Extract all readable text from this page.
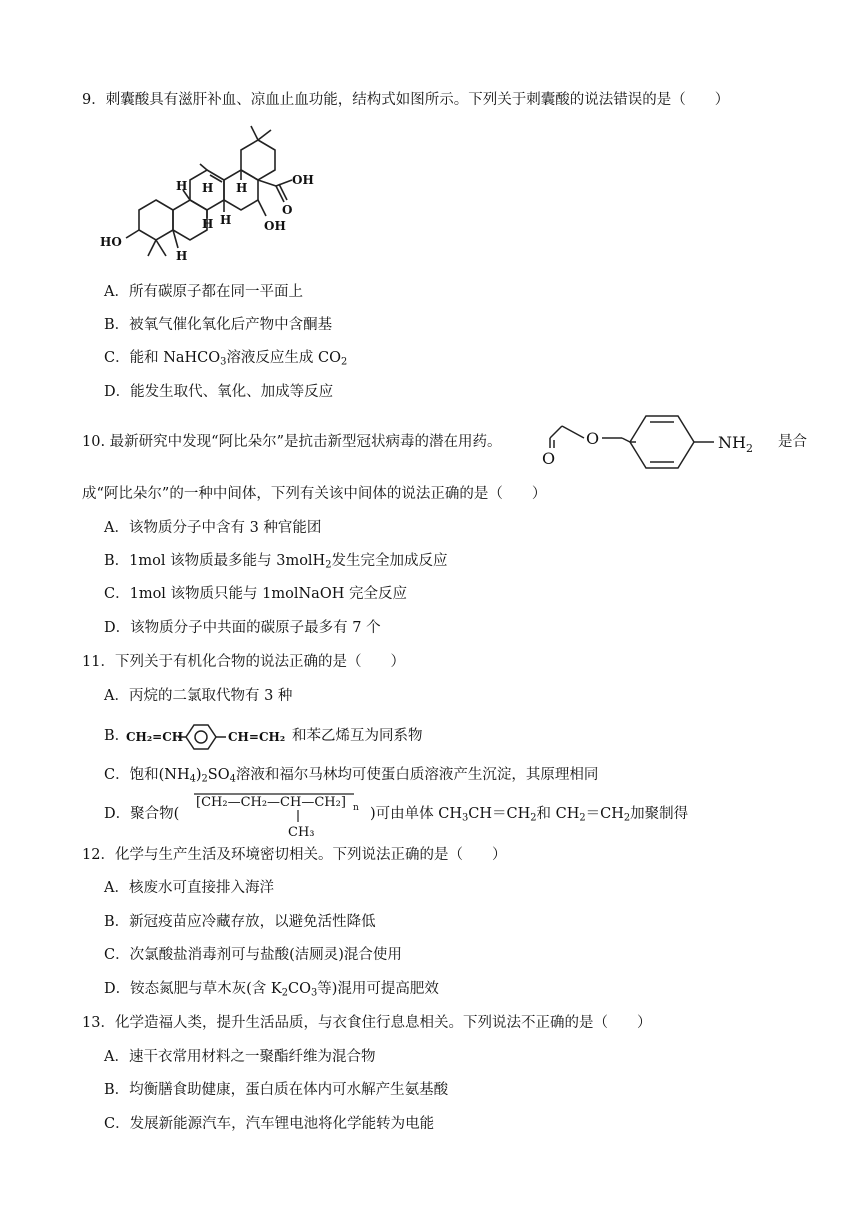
9．刺囊酸具有滋肝补血、凉血止血功能，结构式如图所示。下列关于刺囊酸的说法错误的是（　　）
OH
O
OH
HO
H H
H H
H
H
A．所有碳原子都在同一平面上
B．被氧气催化氧化后产物中含酮基
C．能和 NaHCO$_3$溶液反应生成 $CO_2$
D．能发生取代、氧化、加成等反应
10. 最新研究中发现“阿比朵尔”是抗击新型冠状病毒的潜在用药。
O
O	$NH_2$ 是合
成“阿比朵尔”的一种中间体，下列有关该中间体的说法正确的是（　　）
A．该物质分子中含有 3 种官能团
B．1mol 该物质最多能与 3molH$_2$发生完全加成反应
C．1mol 该物质只能与 1molNaOH 完全反应
D．该物质分子中共面的碳原子最多有 7 个
11．下列关于有机化合物的说法正确的是（　　）
A．丙烷的二氯取代物有 3 种
B．
CH₂=CH	CH=CH₂ 和苯乙烯互为同系物
C．饱和$(NH_4)_2SO_4$溶液和福尔马林均可使蛋白质溶液产生沉淀，其原理相同
D．聚合物(
[CH₂—CH₂—CH—CH₂] n
CH₃
)可由单体 $CH_3CH=CH_2$和 $CH_2=CH_2$加聚制得
12．化学与生产生活及环境密切相关。下列说法正确的是（　　）
A．核废水可直接排入海洋
B．新冠疫苗应冷藏存放，以避免活性降低
C．次氯酸盐消毒剂可与盐酸(洁厕灵)混合使用
D．铵态氮肥与草木灰(含 $K_2CO_3$等)混用可提高肥效
13．化学造福人类，提升生活品质，与衣食住行息息相关。下列说法不正确的是（　　）
A．速干衣常用材料之一聚酯纤维为混合物
B．均衡膳食助健康，蛋白质在体内可水解产生氨基酸
C．发展新能源汽车，汽车锂电池将化学能转为电能
